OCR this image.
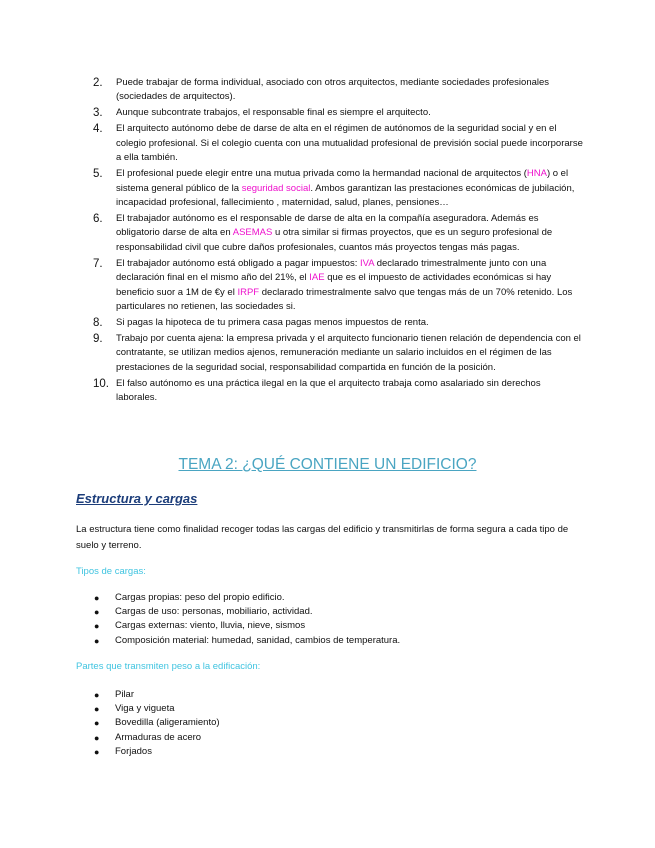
2. Puede trabajar de forma individual, asociado con otros arquitectos, mediante sociedades profesionales (sociedades de arquitectos).
3. Aunque subcontrate trabajos, el responsable final es siempre el arquitecto.
4. El arquitecto autónomo debe de darse de alta en el régimen de autónomos de la seguridad social y en el colegio profesional. Si el colegio cuenta con una mutualidad profesional de previsión social puede incorporarse a ella también.
5. El profesional puede elegir entre una mutua privada como la hermandad nacional de arquitectos (HNA) o el sistema general público de la seguridad social. Ambos garantizan las prestaciones económicas de jubilación, incapacidad profesional, fallecimiento , maternidad, salud, planes, pensiones…
6. El trabajador autónomo es el responsable de darse de alta en la compañía aseguradora. Además es obligatorio darse de alta en ASEMAS u otra similar si firmas proyectos, que es un seguro profesional de responsabilidad civil que cubre daños profesionales, cuantos más proyectos tengas más pagas.
7. El trabajador autónomo está obligado a pagar impuestos: IVA declarado trimestralmente junto con una declaración final en el mismo año del 21%, el IAE que es el impuesto de actividades económicas si hay beneficio suor a 1M de €y el IRPF declarado trimestralmente salvo que tengas más de un 70% retenido. Los particulares no retienen, las sociedades si.
8. Si pagas la hipoteca de tu primera casa pagas menos impuestos de renta.
9. Trabajo por cuenta ajena: la empresa privada y el arquitecto funcionario tienen relación de dependencia con el contratante, se utilizan medios ajenos, remuneración mediante un salario incluidos en el régimen de las prestaciones de la seguridad social, responsabilidad compartida en función de la posición.
10. El falso autónomo es una práctica ilegal en la que el arquitecto trabaja como asalariado sin derechos laborales.
TEMA 2: ¿QUÉ CONTIENE UN EDIFICIO?
Estructura y cargas
La estructura tiene como finalidad recoger todas las cargas del edificio y transmitirlas de forma segura a cada tipo de suelo y terreno.
Tipos de cargas:
● Cargas propias: peso del propio edificio.
● Cargas de uso: personas, mobiliario, actividad.
● Cargas externas: viento, lluvia, nieve, sismos
● Composición material: humedad, sanidad, cambios de temperatura.
Partes que transmiten peso a la edificación:
● Pilar
● Viga y vigueta
● Bovedilla (aligeramiento)
● Armaduras de acero
● Forjados
